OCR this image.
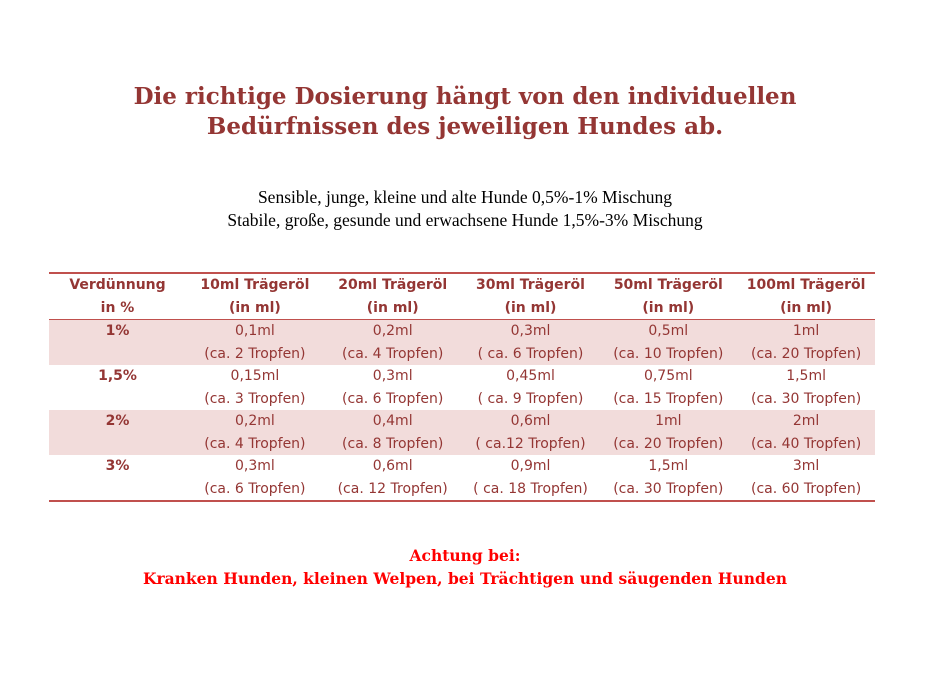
Die richtige Dosierung hängt von den individuellen
Bedürfnissen des jeweiligen Hundes ab.
Sensible, junge, kleine und alte Hunde 0,5%-1% Mischung
Stabile, große, gesunde und erwachsene Hunde 1,5%-3% Mischung
Verdünnung	10ml Trägeröl	20ml Trägeröl	30ml Trägeröl	50ml Trägeröl	100ml Trägeröl
in %	(in ml)	(in ml)	(in ml)	(in ml)	(in ml)
1%	0,1ml	0,2ml	0,3ml	0,5ml	1ml
	(ca. 2 Tropfen)	(ca. 4 Tropfen)	( ca. 6 Tropfen)	(ca. 10 Tropfen)	(ca. 20 Tropfen)
1,5%	0,15ml	0,3ml	0,45ml	0,75ml	1,5ml
	(ca. 3 Tropfen)	(ca. 6 Tropfen)	( ca. 9 Tropfen)	(ca. 15 Tropfen)	(ca. 30 Tropfen)
2%	0,2ml	0,4ml	0,6ml	1ml	2ml
	(ca. 4 Tropfen)	(ca. 8 Tropfen)	( ca.12 Tropfen)	(ca. 20 Tropfen)	(ca. 40 Tropfen)
3%	0,3ml	0,6ml	0,9ml	1,5ml	3ml
	(ca. 6 Tropfen)	(ca. 12 Tropfen)	( ca. 18 Tropfen)	(ca. 30 Tropfen)	(ca. 60 Tropfen)
Achtung bei:
Kranken Hunden, kleinen Welpen, bei Trächtigen und säugenden Hunden
